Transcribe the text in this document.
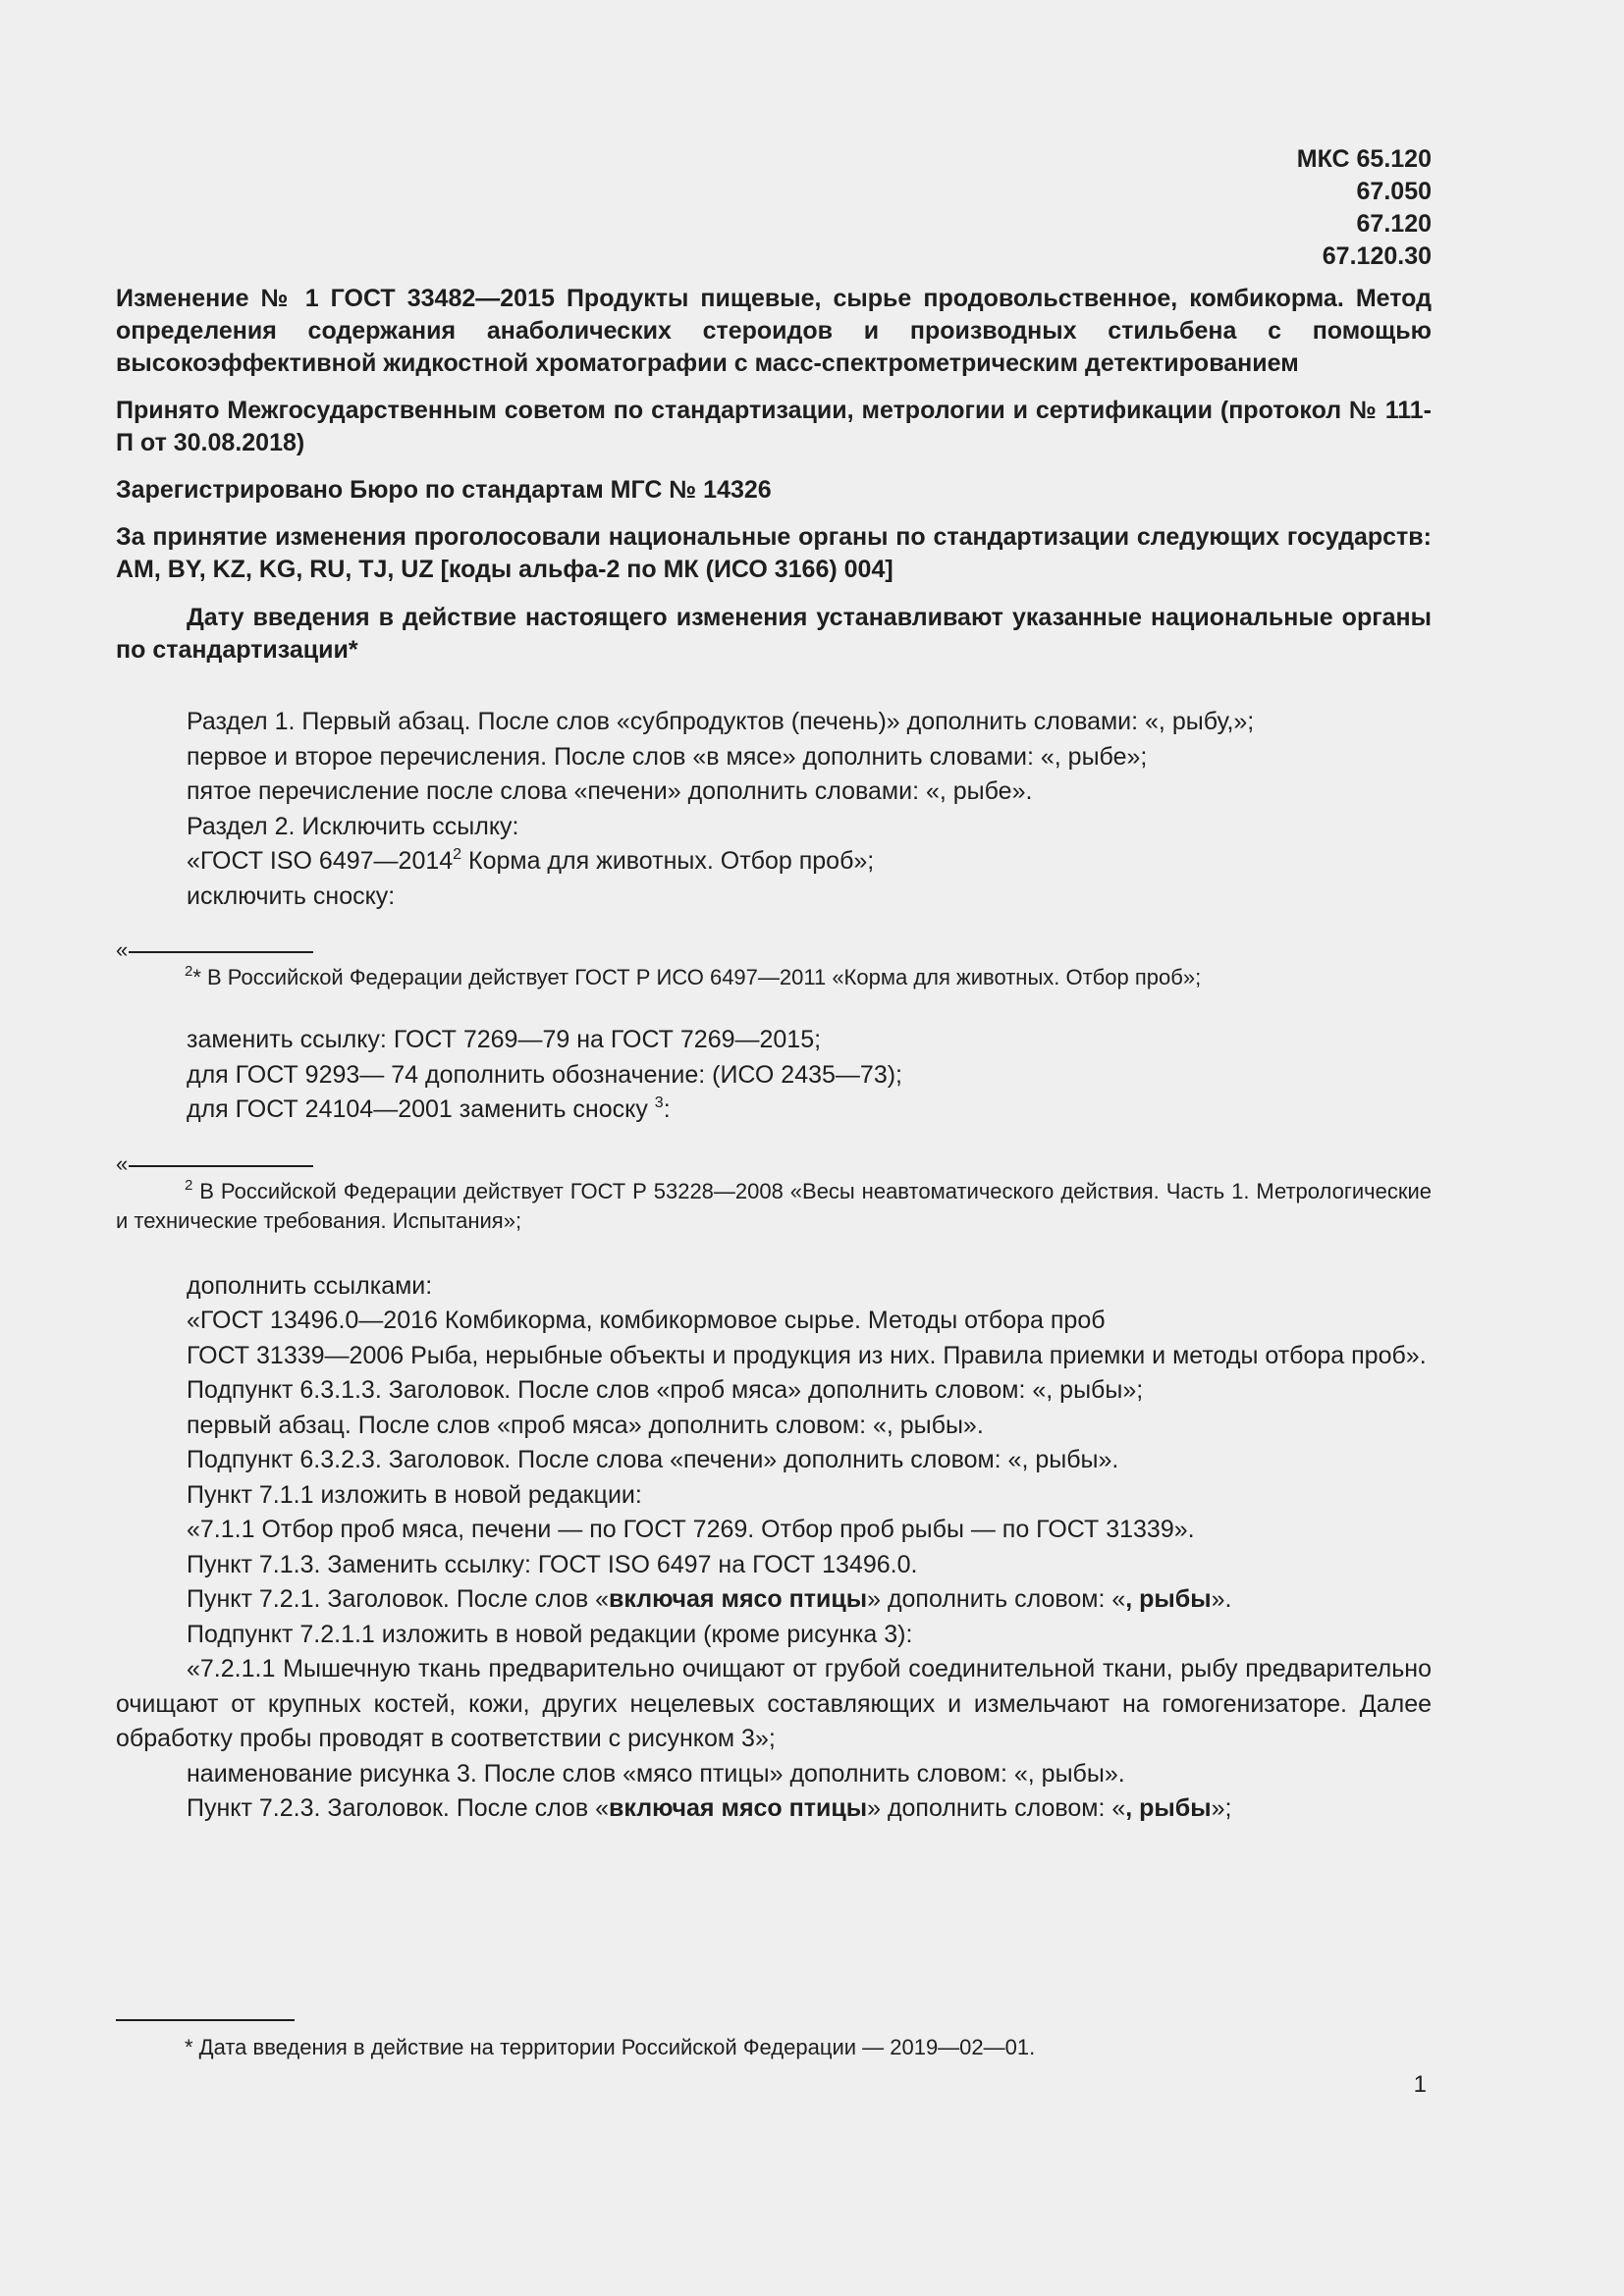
МКС 65.120
67.050
67.120
67.120.30

Изменение № 1 ГОСТ 33482—2015 Продукты пищевые, сырье продовольственное, комбикорма. Метод определения содержания анаболических стероидов и производных стильбена с помощью высокоэффективной жидкостной хроматографии с масс-спектрометрическим детектированием

Принято Межгосударственным советом по стандартизации, метрологии и сертификации (протокол № 111-П от 30.08.2018)

Зарегистрировано Бюро по стандартам МГС № 14326

За принятие изменения проголосовали национальные органы по стандартизации следующих государств: AM, BY, KZ, KG, RU, TJ, UZ [коды альфа-2 по МК (ИСО 3166) 004]

Дату введения в действие настоящего изменения устанавливают указанные национальные органы по стандартизации*

Раздел 1. Первый абзац. После слов «субпродуктов (печень)» дополнить словами: «, рыбу,»;

первое и второе перечисления. После слов «в мясе» дополнить словами: «, рыбе»;

пятое перечисление после слова «печени» дополнить словами: «, рыбе».

Раздел 2. Исключить ссылку:

«ГОСТ ISO 6497—2014$^2$ Корма для животных. Отбор проб»;

исключить сноску:

«

$^2$* В Российской Федерации действует ГОСТ Р ИСО 6497—2011 «Корма для животных. Отбор проб»;

заменить ссылку: ГОСТ 7269—79 на ГОСТ 7269—2015;

для ГОСТ 9293— 74 дополнить обозначение: (ИСО 2435—73);

для ГОСТ 24104—2001 заменить сноску $^3$:

«

$^2$ В Российской Федерации действует ГОСТ Р 53228—2008 «Весы неавтоматического действия. Часть 1. Метрологические и технические требования. Испытания»;

дополнить ссылками:

«ГОСТ 13496.0—2016 Комбикорма, комбикормовое сырье. Методы отбора проб

ГОСТ 31339—2006 Рыба, нерыбные объекты и продукция из них. Правила приемки и методы отбора проб».

Подпункт 6.3.1.3. Заголовок. После слов «проб мяса» дополнить словом: «, рыбы»;

первый абзац. После слов «проб мяса» дополнить словом: «, рыбы».

Подпункт 6.3.2.3. Заголовок. После слова «печени» дополнить словом: «, рыбы».

Пункт 7.1.1 изложить в новой редакции:

«7.1.1 Отбор проб мяса, печени — по ГОСТ 7269. Отбор проб рыбы — по ГОСТ 31339».

Пункт 7.1.3. Заменить ссылку: ГОСТ ISO 6497 на ГОСТ 13496.0.

Пункт 7.2.1. Заголовок. После слов «включая мясо птицы» дополнить словом: «, рыбы».

Подпункт 7.2.1.1 изложить в новой редакции (кроме рисунка 3):

«7.2.1.1 Мышечную ткань предварительно очищают от грубой соединительной ткани, рыбу предварительно очищают от крупных костей, кожи, других нецелевых составляющих и измельчают на гомогенизаторе. Далее обработку пробы проводят в соответствии с рисунком 3»;

наименование рисунка 3. После слов «мясо птицы» дополнить словом: «, рыбы».

Пункт 7.2.3. Заголовок. После слов «включая мясо птицы» дополнить словом: «, рыбы»;

* Дата введения в действие на территории Российской Федерации — 2019—02—01.
1
